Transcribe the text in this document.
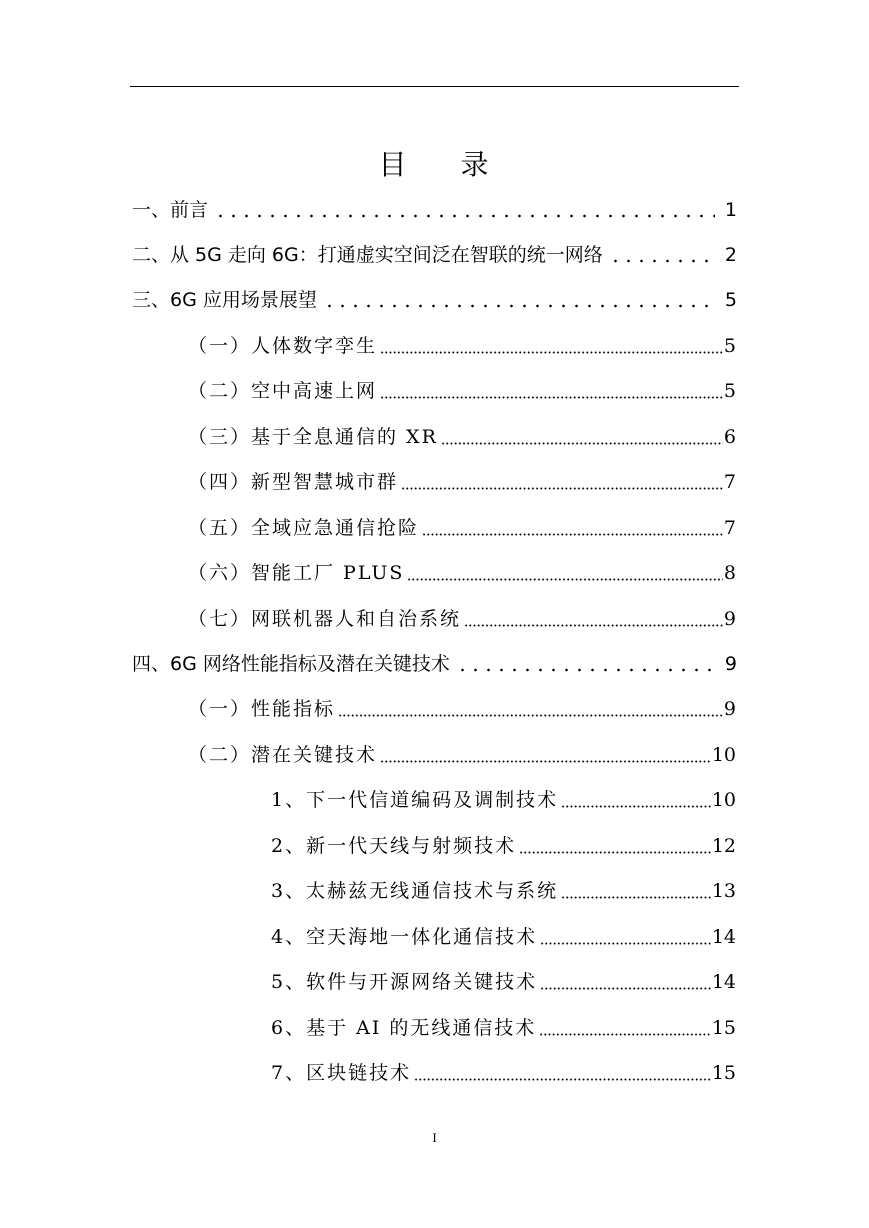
目 录
一、前言	1
二、从 5G 走向 6G：打通虚实空间泛在智联的统一网络	2
三、6G 应用场景展望	5
（一）人体数字孪生	5
（二）空中高速上网	5
（三）基于全息通信的 XR	6
（四）新型智慧城市群	7
（五）全域应急通信抢险	7
（六）智能工厂 PLUS	8
（七）网联机器人和自治系统	9
四、6G 网络性能指标及潜在关键技术	9
（一）性能指标	9
（二）潜在关键技术	10
1、下一代信道编码及调制技术	10
2、新一代天线与射频技术	12
3、太赫兹无线通信技术与系统	13
4、空天海地一体化通信技术	14
5、软件与开源网络关键技术	14
6、基于 AI 的无线通信技术	15
7、区块链技术	15
I
